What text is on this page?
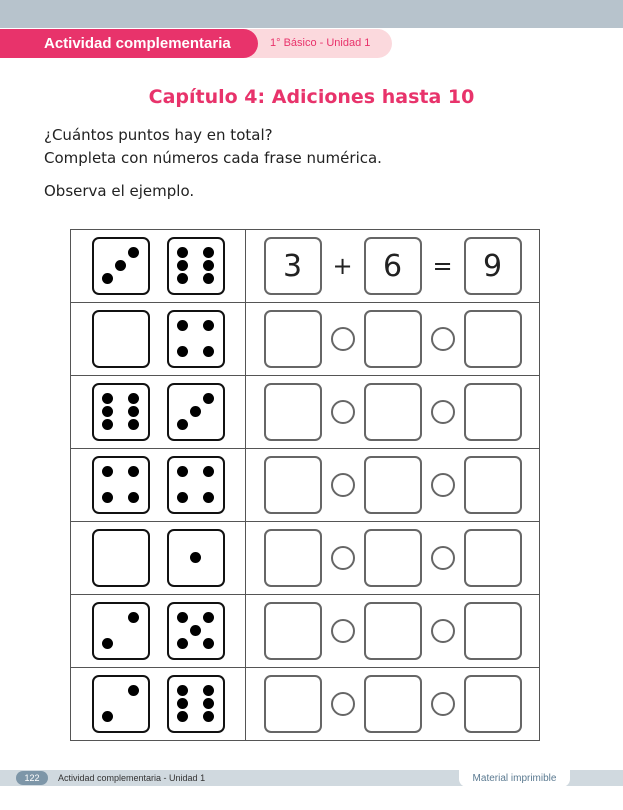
Actividad complementaria	1° Básico - Unidad 1
Capítulo 4: Adiciones hasta 10
¿Cuántos puntos hay en total?
Completa con números cada frase numérica.
Observa el ejemplo.

3 + 6 = 9

122	Actividad complementaria - Unidad 1	Material imprimible
